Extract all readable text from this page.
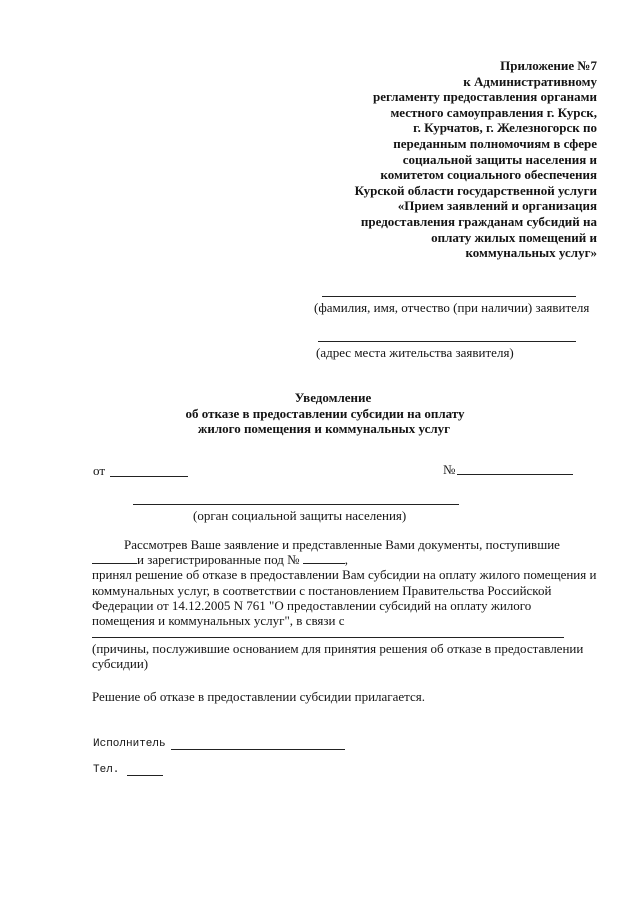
Приложение №7
к Административному
регламенту предоставления органами
местного самоуправления г. Курск,
г. Курчатов, г. Железногорск по
переданным полномочиям в сфере
социальной защиты населения и
комитетом социального обеспечения
Курской области государственной услуги
«Прием заявлений и организация
предоставления гражданам субсидий на
оплату жилых помещений и
коммунальных услуг»
(фамилия, имя, отчество (при наличии) заявителя
(адрес места жительства заявителя)
Уведомление
об отказе в предоставлении субсидии на оплату
жилого помещения и коммунальных услуг
от	№
(орган социальной защиты населения)
Рассмотрев Ваше заявление и представленные Вами документы, поступившие
и зарегистрированные под №	,
принял решение об отказе в предоставлении Вам субсидии на оплату жилого помещения и
коммунальных услуг, в соответствии с постановлением Правительства Российской
Федерации от 14.12.2005 N 761 "О предоставлении субсидий на оплату жилого
помещения и коммунальных услуг", в связи с
(причины, послужившие основанием для принятия решения об отказе в предоставлении
субсидии)
Решение об отказе в предоставлении субсидии прилагается.
Исполнитель
Тел.
